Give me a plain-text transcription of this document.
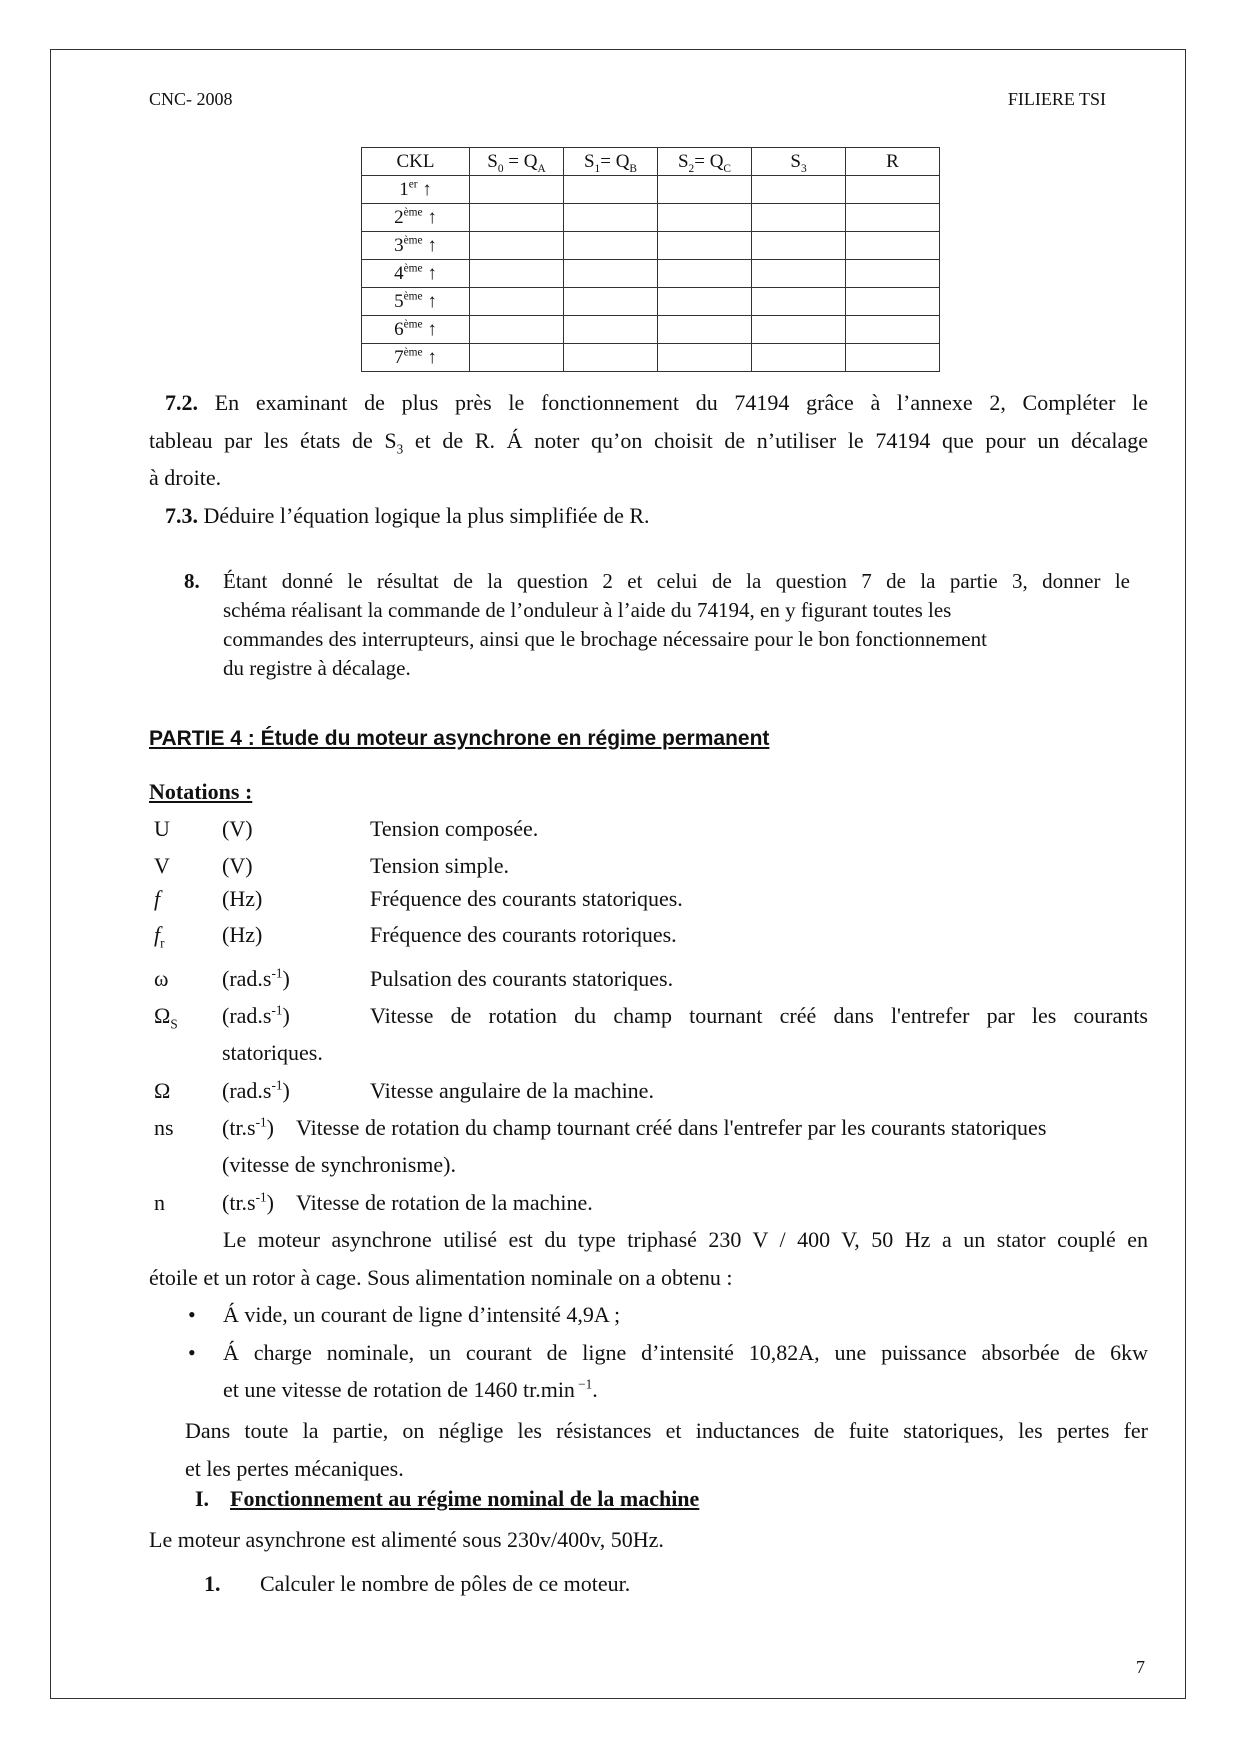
CNC- 2008	FILIERE TSI
CKL	$S_0 = Q_A$	$S_1= Q_B$	$S_2= Q_C$	$S_3$	R
1er ↑					
2ème ↑					
3ème ↑					
4ème ↑					
5ème ↑					
6ème ↑					
7ème ↑					
7.2. En examinant de plus près le fonctionnement du 74194 grâce à l’annexe 2, Compléter le
tableau par les états de $S_3$ et de R. Á noter qu’on choisit de n’utiliser le 74194 que pour un décalage
à droite.
7.3. Déduire l’équation logique la plus simplifiée de R.
8. Étant donné le résultat de la question 2 et celui de la question 7 de la partie 3, donner le
schéma réalisant la commande de l’onduleur à l’aide du 74194, en y figurant toutes les
commandes des interrupteurs, ainsi que le brochage nécessaire pour le bon fonctionnement
du registre à décalage.
PARTIE 4 : Étude du moteur asynchrone en régime permanent
Notations :
U (V)	Tension composée.
V (V)	Tension simple.
f	(Hz)	Fréquence des courants statoriques.
$f_r$	(Hz)	Fréquence des courants rotoriques.
ω $(rad.s^{-1})$	Pulsation des courants statoriques.
$\Omega_S$ $(rad.s^{-1})$	Vitesse de rotation du champ tournant créé dans l'entrefer par les courants
statoriques.
Ω $(rad.s^{-1})$	Vitesse angulaire de la machine.
ns $(tr.s^{-1})$ Vitesse de rotation du champ tournant créé dans l'entrefer par les courants statoriques
(vitesse de synchronisme).
n	$(tr.s^{-1})$ Vitesse de rotation de la machine.
Le moteur asynchrone utilisé est du type triphasé 230 V / 400 V, 50 Hz a un stator couplé en
étoile et un rotor à cage. Sous alimentation nominale on a obtenu :
• Á vide, un courant de ligne d’intensité 4,9A ;
• Á charge nominale, un courant de ligne d’intensité 10,82A, une puissance absorbée de 6kw
et une vitesse de rotation de 1460 tr.min $^{-1}$.
Dans toute la partie, on néglige les résistances et inductances de fuite statoriques, les pertes fer
et les pertes mécaniques.
I. Fonctionnement au régime nominal de la machine
Le moteur asynchrone est alimenté sous 230v/400v, 50Hz.
1. Calculer le nombre de pôles de ce moteur.
7
